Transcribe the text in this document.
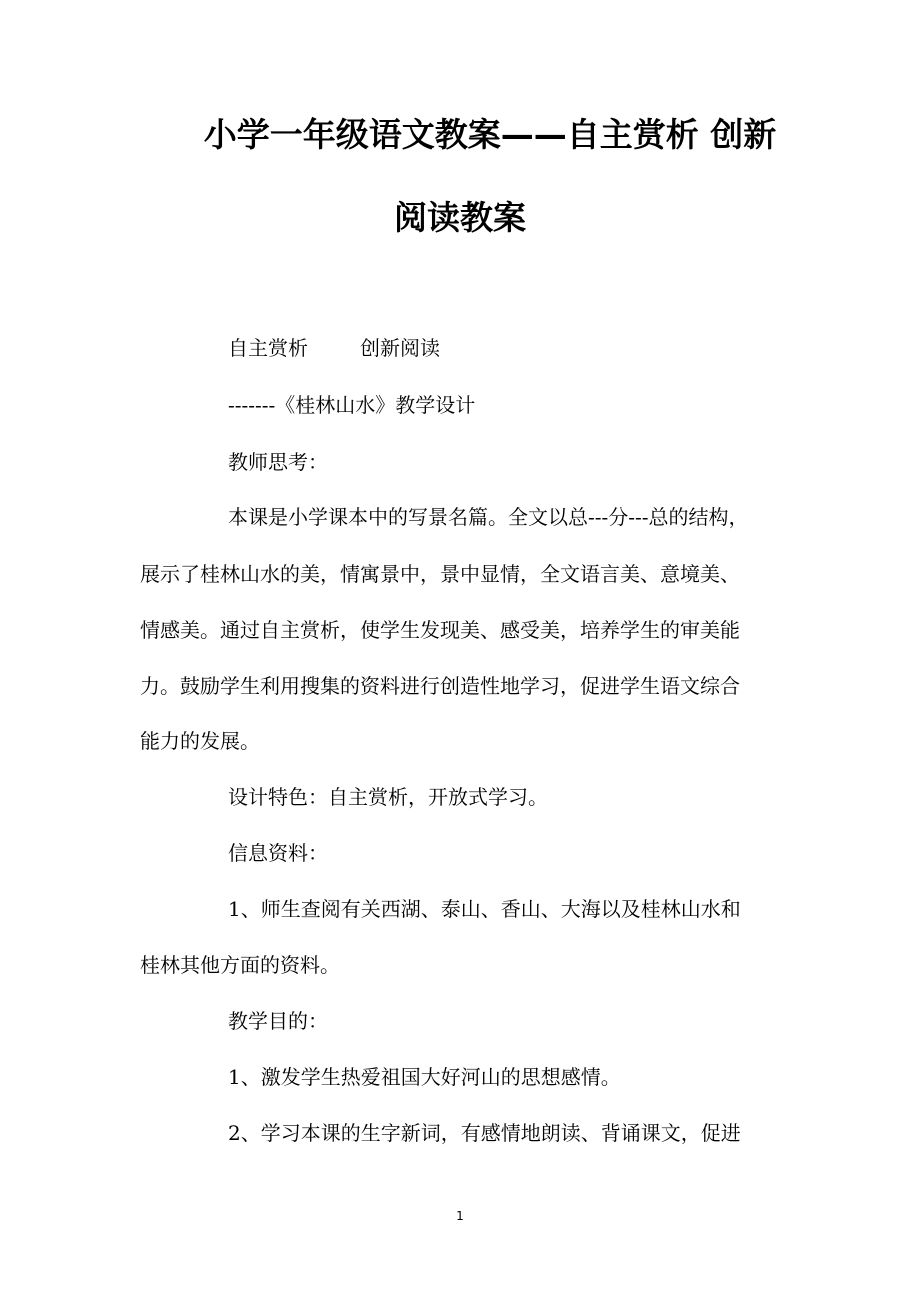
小学一年级语文教案——自主赏析 创新
阅读教案

自主赏析	创新阅读

-------《桂林山水》教学设计

教师思考：

本课是小学课本中的写景名篇。全文以总---分---总的结构，

展示了桂林山水的美，情寓景中，景中显情，全文语言美、意境美、

情感美。通过自主赏析，使学生发现美、感受美，培养学生的审美能

力。鼓励学生利用搜集的资料进行创造性地学习，促进学生语文综合

能力的发展。

设计特色：自主赏析，开放式学习。

信息资料：

1、师生查阅有关西湖、泰山、香山、大海以及桂林山水和

桂林其他方面的资料。

教学目的：

1、激发学生热爱祖国大好河山的思想感情。

2、学习本课的生字新词，有感情地朗读、背诵课文，促进

1
